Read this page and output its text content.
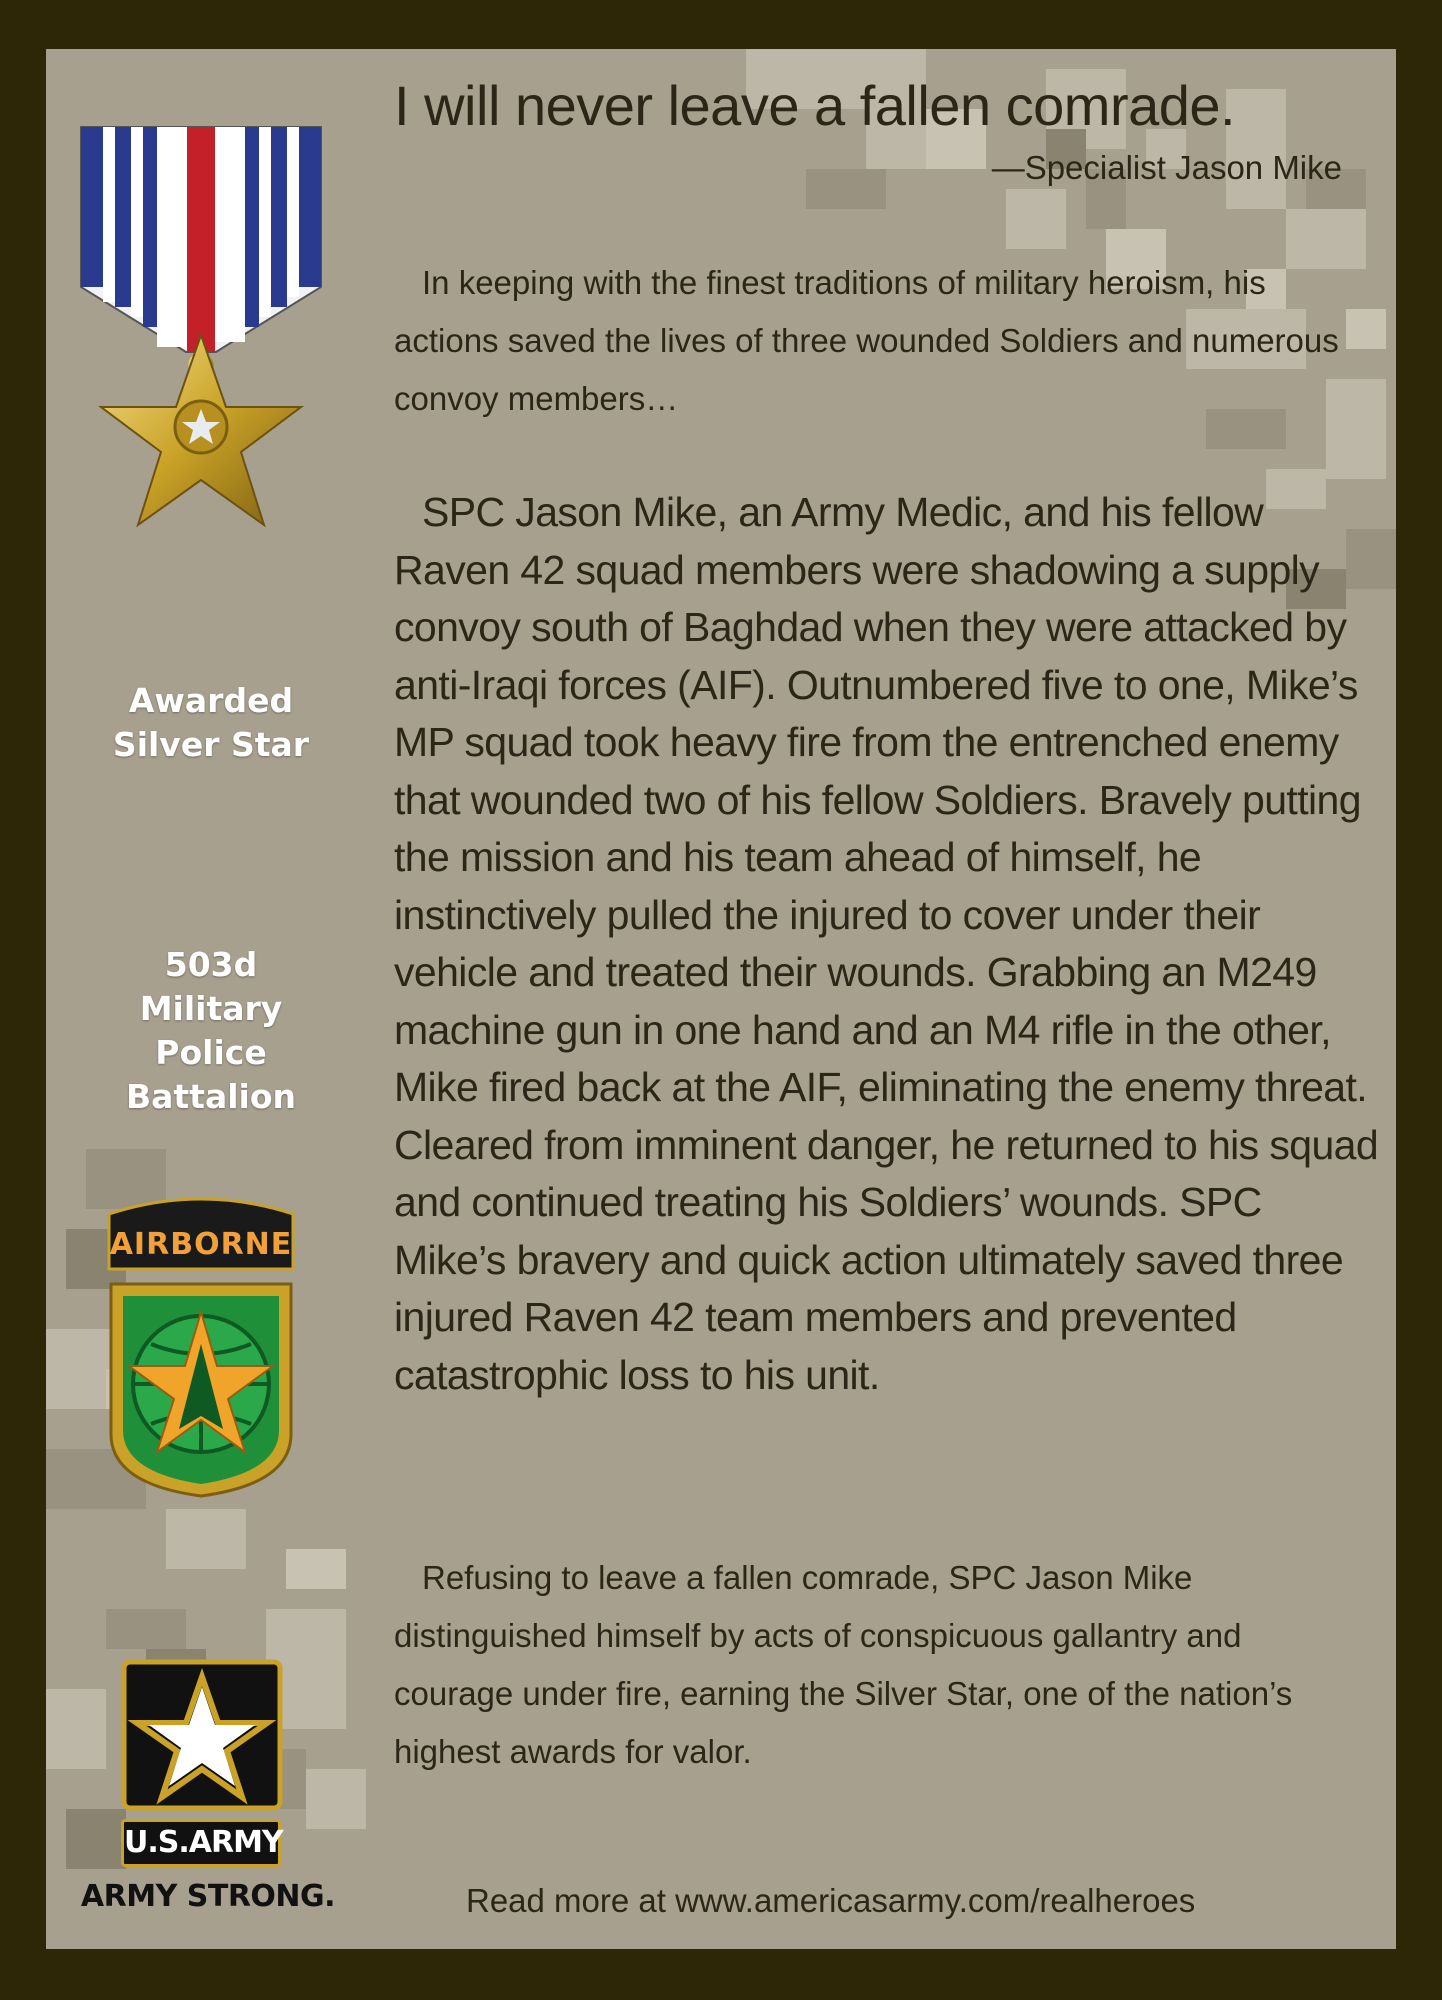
Awarded
Silver Star
503d
Military
Police
Battalion
AIRBORNE
U.S.ARMY
ARMY STRONG.
I will never leave a fallen comrade.
—Specialist Jason Mike

In keeping with the finest traditions of military heroism, his actions saved the lives of three wounded Soldiers and numerous convoy members…

SPC Jason Mike, an Army Medic, and his fellow Raven 42 squad members were shadowing a supply convoy south of Baghdad when they were attacked by anti-Iraqi forces (AIF). Outnumbered five to one, Mike’s MP squad took heavy fire from the entrenched enemy that wounded two of his fellow Soldiers. Bravely putting the mission and his team ahead of himself, he instinctively pulled the injured to cover under their vehicle and treated their wounds. Grabbing an M249 machine gun in one hand and an M4 rifle in the other, Mike fired back at the AIF, eliminating the enemy threat. Cleared from imminent danger, he returned to his squad and continued treating his Soldiers’ wounds. SPC Mike’s bravery and quick action ultimately saved three injured Raven 42 team members and prevented catastrophic loss to his unit.

Refusing to leave a fallen comrade, SPC Jason Mike distinguished himself by acts of conspicuous gallantry and courage under fire, earning the Silver Star, one of the nation’s highest awards for valor.

Read more at www.americasarmy.com/realheroes
